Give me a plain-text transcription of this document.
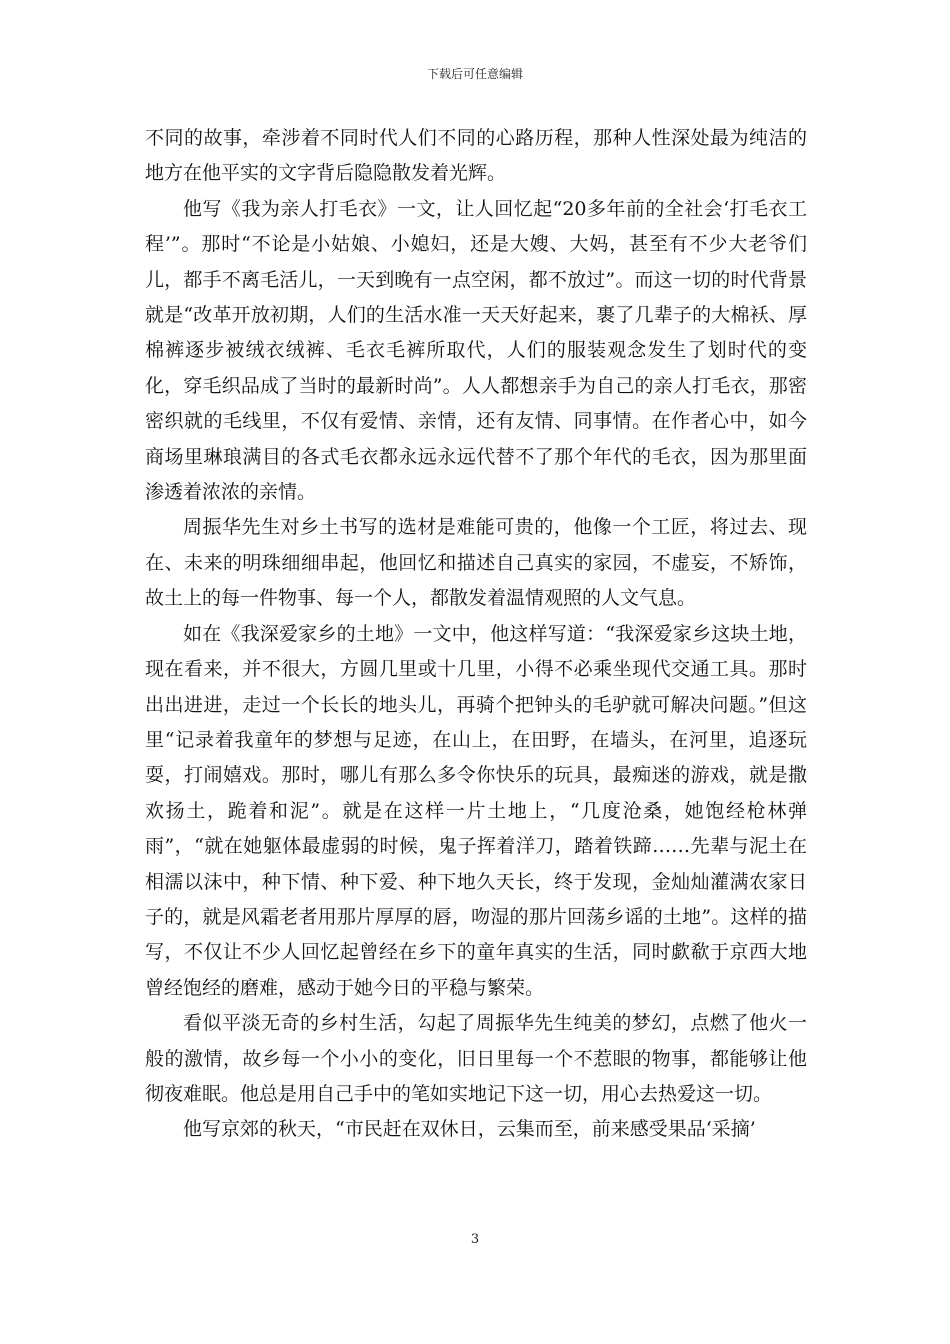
下载后可任意编辑

不同的故事，牵涉着不同时代人们不同的心路历程，那种人性深处最为纯洁的地方在他平实的文字背后隐隐散发着光辉。

他写《我为亲人打毛衣》一文，让人回忆起“20多年前的全社会‘打毛衣工程’”。那时“不论是小姑娘、小媳妇，还是大嫂、大妈，甚至有不少大老爷们儿，都手不离毛活儿，一天到晚有一点空闲，都不放过”。而这一切的时代背景就是“改革开放初期，人们的生活水准一天天好起来，裹了几辈子的大棉袄、厚棉裤逐步被绒衣绒裤、毛衣毛裤所取代，人们的服装观念发生了划时代的变化，穿毛织品成了当时的最新时尚”。人人都想亲手为自己的亲人打毛衣，那密密织就的毛线里，不仅有爱情、亲情，还有友情、同事情。在作者心中，如今商场里琳琅满目的各式毛衣都永远永远代替不了那个年代的毛衣，因为那里面渗透着浓浓的亲情。

周振华先生对乡土书写的选材是难能可贵的，他像一个工匠，将过去、现在、未来的明珠细细串起，他回忆和描述自己真实的家园，不虚妄，不矫饰，故土上的每一件物事、每一个人，都散发着温情观照的人文气息。

如在《我深爱家乡的土地》一文中，他这样写道：“我深爱家乡这块土地，现在看来，并不很大，方圆几里或十几里，小得不必乘坐现代交通工具。那时出出进进，走过一个长长的地头儿，再骑个把钟头的毛驴就可解决问题。”但这里“记录着我童年的梦想与足迹，在山上，在田野，在墙头，在河里，追逐玩耍，打闹嬉戏。那时，哪儿有那么多令你快乐的玩具，最痴迷的游戏，就是撒欢扬土，跪着和泥”。就是在这样一片土地上，“几度沧桑，她饱经枪林弹雨”，“就在她躯体最虚弱的时候，鬼子挥着洋刀，踏着铁蹄……先辈与泥土在相濡以沫中，种下情、种下爱、种下地久天长，终于发现，金灿灿灌满农家日子的，就是风霜老者用那片厚厚的唇，吻湿的那片回荡乡谣的土地”。这样的描写，不仅让不少人回忆起曾经在乡下的童年真实的生活，同时歔欷于京西大地曾经饱经的磨难，感动于她今日的平稳与繁荣。

看似平淡无奇的乡村生活，勾起了周振华先生纯美的梦幻，点燃了他火一般的激情，故乡每一个小小的变化，旧日里每一个不惹眼的物事，都能够让他彻夜难眠。他总是用自己手中的笔如实地记下这一切，用心去热爱这一切。

他写京郊的秋天，“市民赶在双休日，云集而至，前来感受果品‘采摘’

3
